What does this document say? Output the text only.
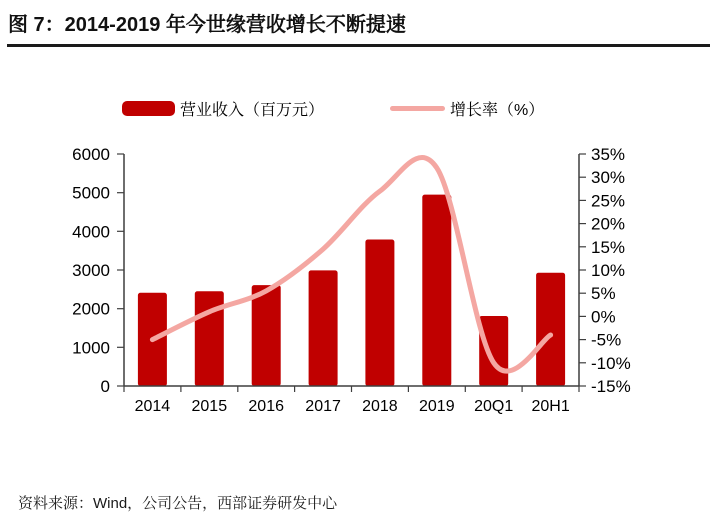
图 7：2014-2019 年今世缘营收增长不断提速
营业收入（百万元）	增长率（%）
6000
5000
4000
3000
2000
1000
0
35%
30%
25%
20%
15%
10%
5%
0%
-5%
-10%
-15%
2014 2015 2016 2017 2018 2019 20Q1 20H1
资料来源：Wind，公司公告，西部证券研发中心
